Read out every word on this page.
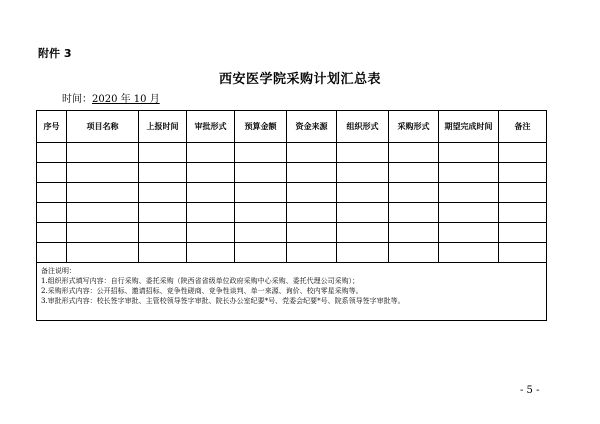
附件 3
西安医学院采购计划汇总表
时间：2020 年 10 月
序号	项目名称	上报时间	审批形式	预算金额	资金来源	组织形式	采购形式	期望完成时间	备注

备注说明：
1.组织形式填写内容：自行采购、委托采购（陕西省省级单位政府采购中心采购、委托代理公司采购）；
2.采购形式内容：公开招标、邀请招标、竞争性磋商、竞争性谈判、单一来源、询价、校内零星采购等。
3.审批形式内容：校长签字审批、主管校领导签字审批、院长办公室纪要*号、党委会纪要*号、院系领导签字审批等。									
- 5 -
